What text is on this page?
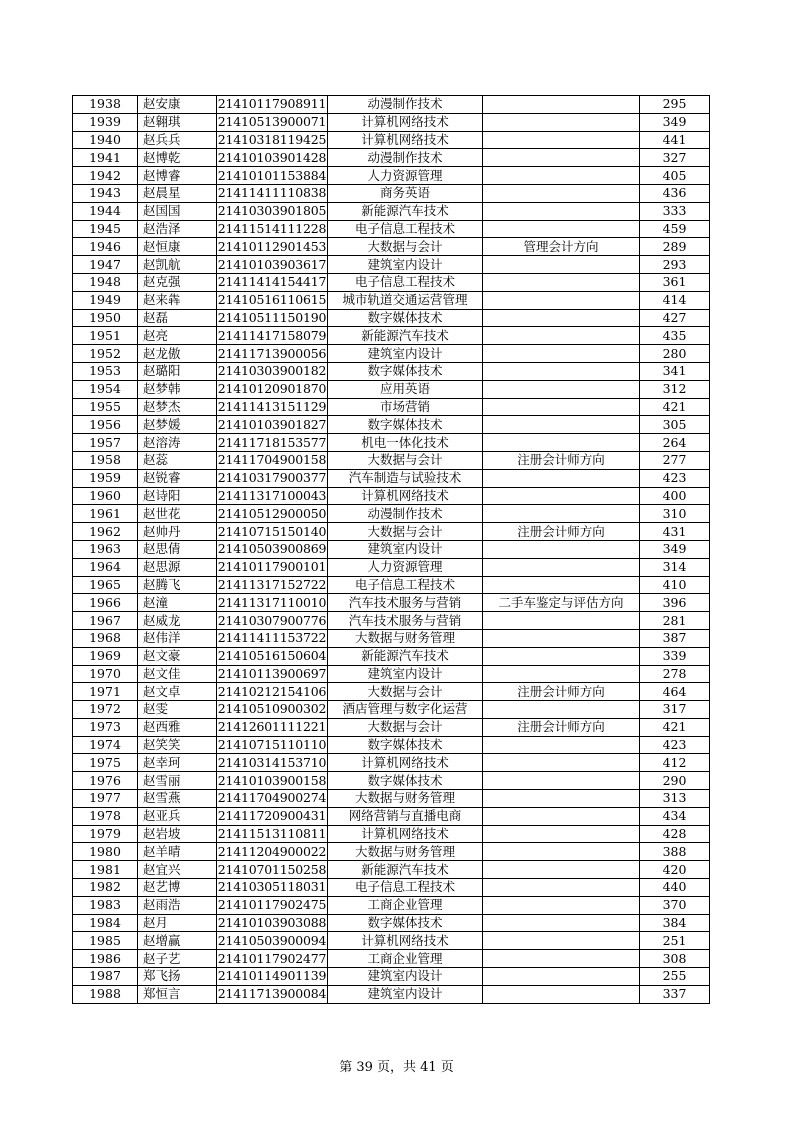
1938	赵安康	21410117908911	动漫制作技术		295
1939	赵翱琪	21410513900071	计算机网络技术		349
1940	赵兵兵	21410318119425	计算机网络技术		441
1941	赵博乾	21410103901428	动漫制作技术		327
1942	赵博睿	21410101153884	人力资源管理		405
1943	赵晨星	21411411110838	商务英语		436
1944	赵国国	21410303901805	新能源汽车技术		333
1945	赵浩泽	21411514111228	电子信息工程技术		459
1946	赵恒康	21410112901453	大数据与会计	管理会计方向	289
1947	赵凯航	21410103903617	建筑室内设计		293
1948	赵克强	21411414154417	电子信息工程技术		361
1949	赵来犇	21410516110615	城市轨道交通运营管理		414
1950	赵磊	21410511150190	数字媒体技术		427
1951	赵亮	21411417158079	新能源汽车技术		435
1952	赵龙傲	21411713900056	建筑室内设计		280
1953	赵璐阳	21410303900182	数字媒体技术		341
1954	赵梦韩	21410120901870	应用英语		312
1955	赵梦杰	21411413151129	市场营销		421
1956	赵梦媛	21410103901827	数字媒体技术		305
1957	赵溶涛	21411718153577	机电一体化技术		264
1958	赵蕊	21411704900158	大数据与会计	注册会计师方向	277
1959	赵锐睿	21410317900377	汽车制造与试验技术		423
1960	赵诗阳	21411317100043	计算机网络技术		400
1961	赵世花	21410512900050	动漫制作技术		310
1962	赵帅丹	21410715150140	大数据与会计	注册会计师方向	431
1963	赵思倩	21410503900869	建筑室内设计		349
1964	赵思源	21410117900101	人力资源管理		314
1965	赵腾飞	21411317152722	电子信息工程技术		410
1966	赵潼	21411317110010	汽车技术服务与营销	二手车鉴定与评估方向	396
1967	赵威龙	21410307900776	汽车技术服务与营销		281
1968	赵伟洋	21411411153722	大数据与财务管理		387
1969	赵文豪	21410516150604	新能源汽车技术		339
1970	赵文佳	21410113900697	建筑室内设计		278
1971	赵文卓	21410212154106	大数据与会计	注册会计师方向	464
1972	赵雯	21410510900302	酒店管理与数字化运营		317
1973	赵西雅	21412601111221	大数据与会计	注册会计师方向	421
1974	赵笑笑	21410715110110	数字媒体技术		423
1975	赵幸珂	21410314153710	计算机网络技术		412
1976	赵雪丽	21410103900158	数字媒体技术		290
1977	赵雪燕	21411704900274	大数据与财务管理		313
1978	赵亚兵	21411720900431	网络营销与直播电商		434
1979	赵岩坡	21411513110811	计算机网络技术		428
1980	赵羊晴	21411204900022	大数据与财务管理		388
1981	赵宜兴	21410701150258	新能源汽车技术		420
1982	赵艺博	21410305118031	电子信息工程技术		440
1983	赵雨浩	21410117902475	工商企业管理		370
1984	赵月	21410103903088	数字媒体技术		384
1985	赵增赢	21410503900094	计算机网络技术		251
1986	赵子艺	21410117902477	工商企业管理		308
1987	郑飞扬	21410114901139	建筑室内设计		255
1988	郑恒言	21411713900084	建筑室内设计		337
第 39 页，共 41 页
